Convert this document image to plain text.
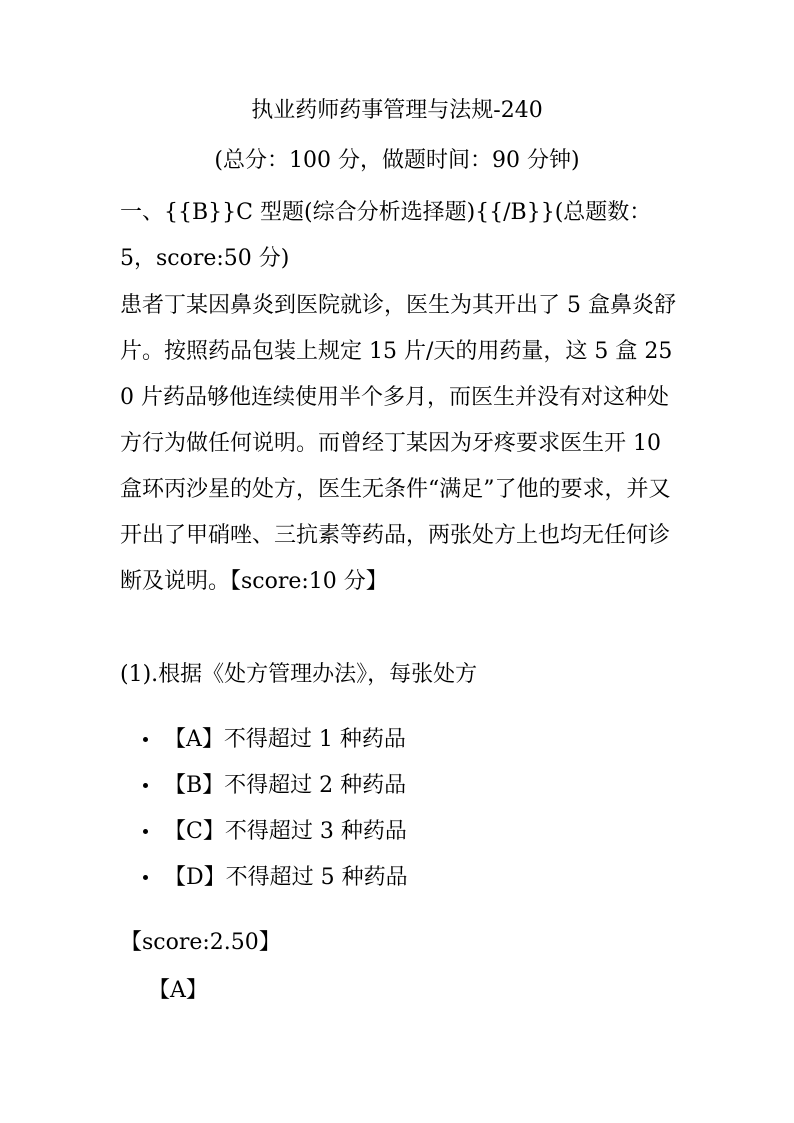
执业药师药事管理与法规-240
(总分：100 分，做题时间：90 分钟)
一、{{B}}C 型题(综合分析选择题){{/B}}(总题数：5，score:50 分)
患者丁某因鼻炎到医院就诊，医生为其开出了 5 盒鼻炎舒片。按照药品包装上规定 15 片/天的用药量，这 5 盒 250 片药品够他连续使用半个多月，而医生并没有对这种处方行为做任何说明。而曾经丁某因为牙疼要求医生开 10 盒环丙沙星的处方，医生无条件“满足”了他的要求，并又开出了甲硝唑、三抗素等药品，两张处方上也均无任何诊断及说明。【score:10 分】
(1).根据《处方管理办法》，每张处方
【A】不得超过 1 种药品
【B】不得超过 2 种药品
【C】不得超过 3 种药品
【D】不得超过 5 种药品
【score:2.50】
【A】
